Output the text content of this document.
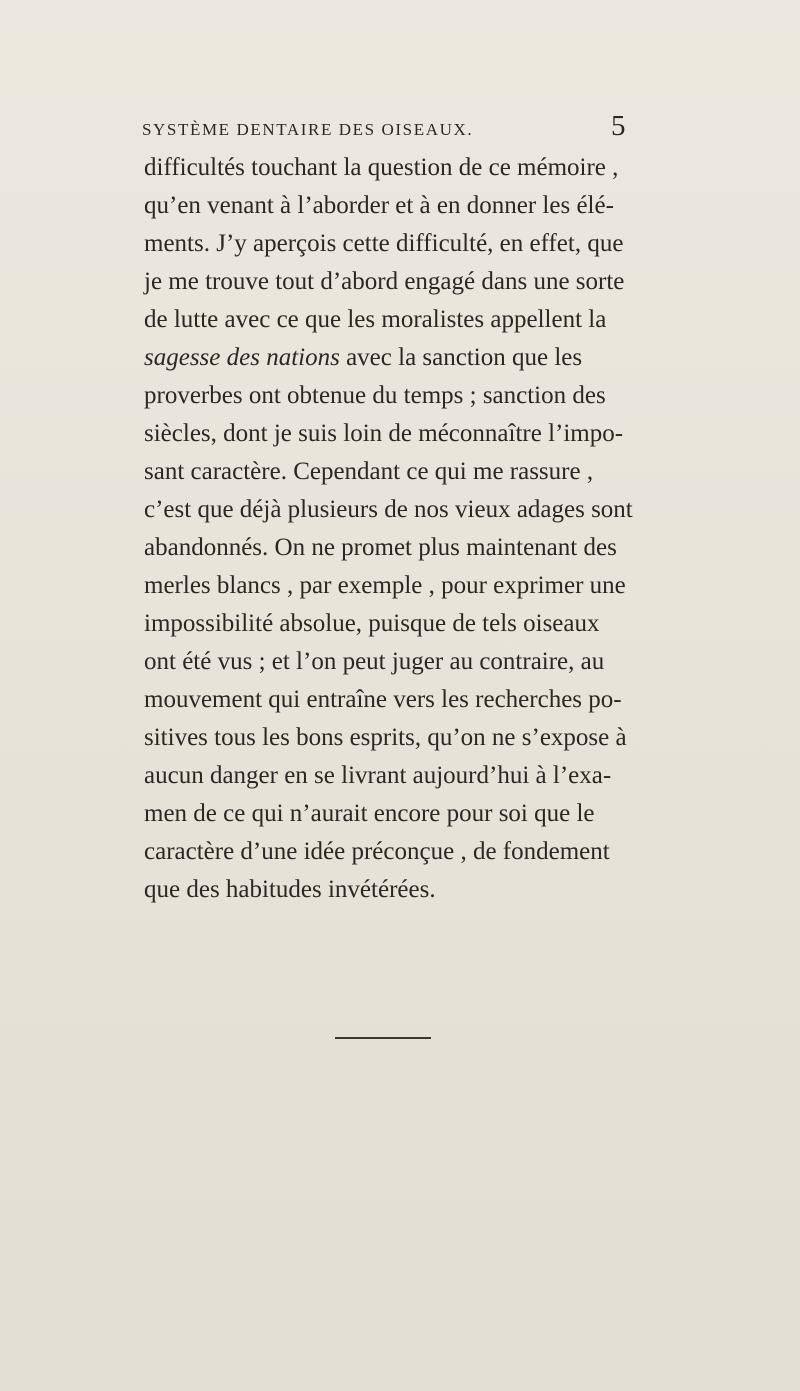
SYSTÈME DENTAIRE DES OISEAUX.	5
difficultés touchant la question de ce mémoire ,
qu’en venant à l’aborder et à en donner les élé-
ments. J’y aperçois cette difficulté, en effet, que
je me trouve tout d’abord engagé dans une sorte
de lutte avec ce que les moralistes appellent la
sagesse des nations avec la sanction que les
proverbes ont obtenue du temps ; sanction des
siècles, dont je suis loin de méconnaître l’impo-
sant caractère. Cependant ce qui me rassure ,
c’est que déjà plusieurs de nos vieux adages sont
abandonnés. On ne promet plus maintenant des
merles blancs , par exemple , pour exprimer une
impossibilité absolue, puisque de tels oiseaux
ont été vus ; et l’on peut juger au contraire, au
mouvement qui entraîne vers les recherches po-
sitives tous les bons esprits, qu’on ne s’expose à
aucun danger en se livrant aujourd’hui à l’exa-
men de ce qui n’aurait encore pour soi que le
caractère d’une idée préconçue , de fondement
que des habitudes invétérées.
